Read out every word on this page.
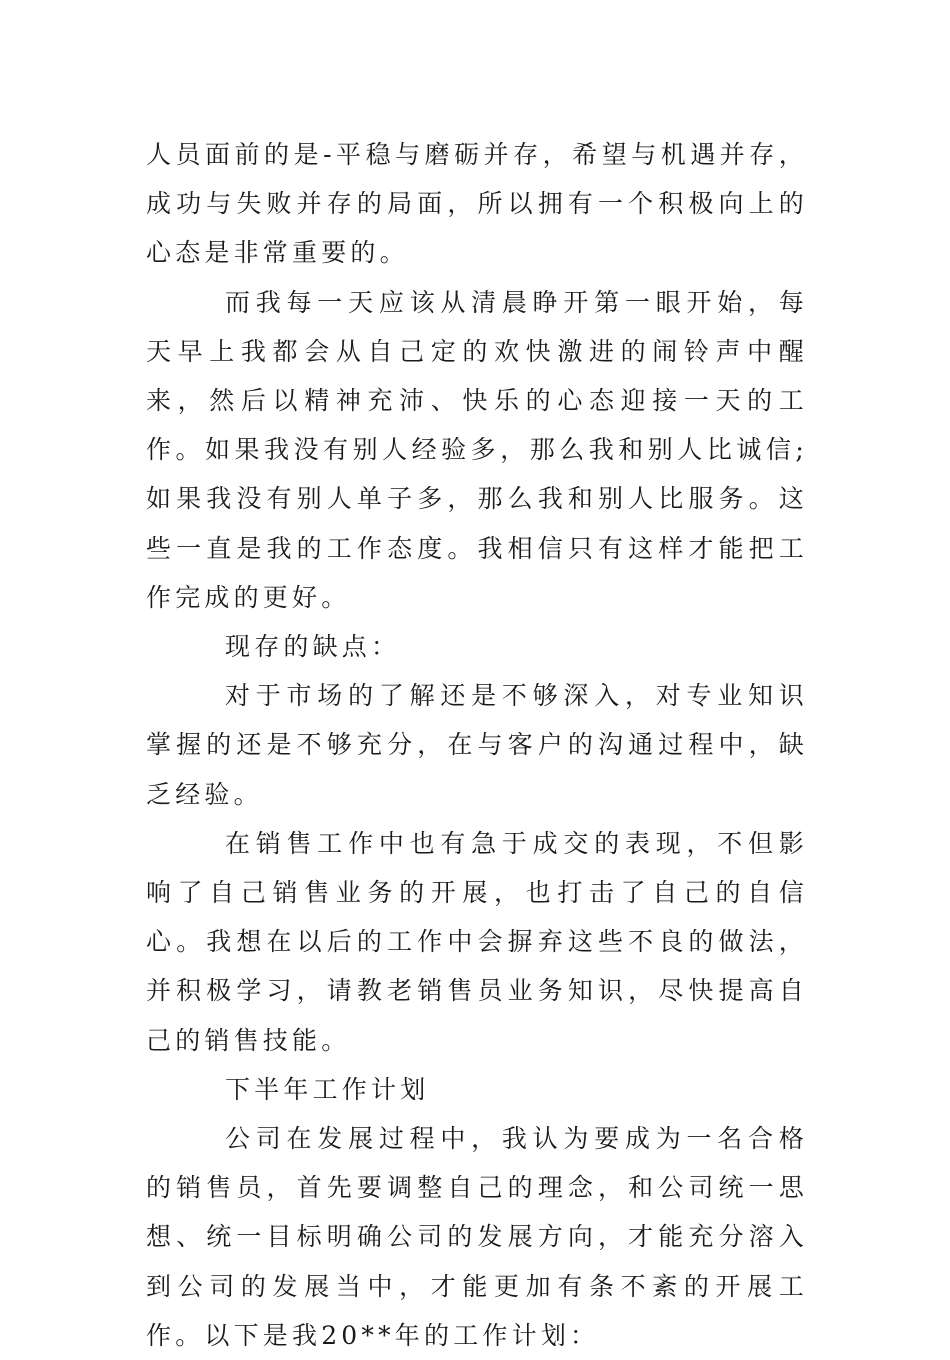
人员面前的是-平稳与磨砺并存，希望与机遇并存，成功与失败并存的局面，所以拥有一个积极向上的心态是非常重要的。

而我每一天应该从清晨睁开第一眼开始，每天早上我都会从自己定的欢快激进的闹铃声中醒来，然后以精神充沛、快乐的心态迎接一天的工作。如果我没有别人经验多，那么我和别人比诚信;如果我没有别人单子多，那么我和别人比服务。这些一直是我的工作态度。我相信只有这样才能把工作完成的更好。

现存的缺点：

对于市场的了解还是不够深入，对专业知识掌握的还是不够充分，在与客户的沟通过程中，缺乏经验。

在销售工作中也有急于成交的表现，不但影响了自己销售业务的开展，也打击了自己的自信心。我想在以后的工作中会摒弃这些不良的做法，并积极学习，请教老销售员业务知识，尽快提高自己的销售技能。

下半年工作计划

公司在发展过程中，我认为要成为一名合格的销售员，首先要调整自己的理念，和公司统一思想、统一目标明确公司的发展方向，才能充分溶入到公司的发展当中，才能更加有条不紊的开展工作。以下是我20**年的工作计划：
